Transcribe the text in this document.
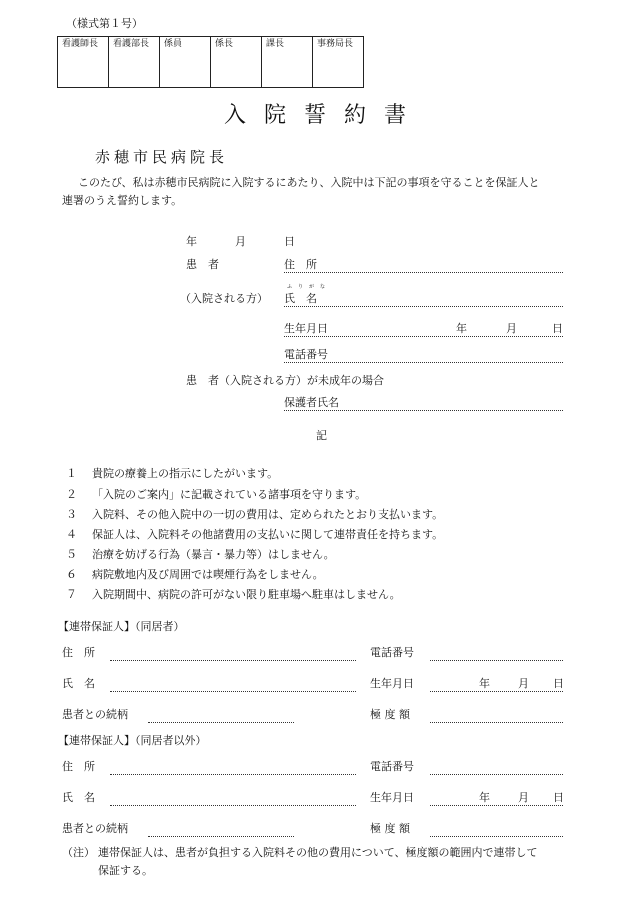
（様式第１号）
看護師長	看護部長	係員	係長	課長	事務局長
入院誓約書
赤穂市民病院長
このたび、私は赤穂市民病院に入院するにあたり、入院中は下記の事項を守ることを保証人と
連署のうえ誓約します。
年	月	日
患　者	住　所
（入院される方）
ふりがな
氏　名
生年月日	年	月	日
電話番号
患　者（入院される方）が未成年の場合
保護者氏名
記
１ 貴院の療養上の指示にしたがいます。
２ 「入院のご案内」に記載されている諸事項を守ります。
３ 入院料、その他入院中の一切の費用は、定められたとおり支払います。
４ 保証人は、入院料その他諸費用の支払いに関して連帯責任を持ちます。
５ 治療を妨げる行為（暴言・暴力等）はしません。
６ 病院敷地内及び周囲では喫煙行為をしません。
７ 入院期間中、病院の許可がない限り駐車場へ駐車はしません。
【連帯保証人】（同居者）
住　所	電話番号
氏　名	生年月日	年	月 日
患者との続柄	極 度 額
【連帯保証人】（同居者以外）
住　所	電話番号
氏　名	生年月日	年	月 日
患者との続柄	極 度 額
（注） 連帯保証人は、患者が負担する入院料その他の費用について、極度額の範囲内で連帯して
保証する。
